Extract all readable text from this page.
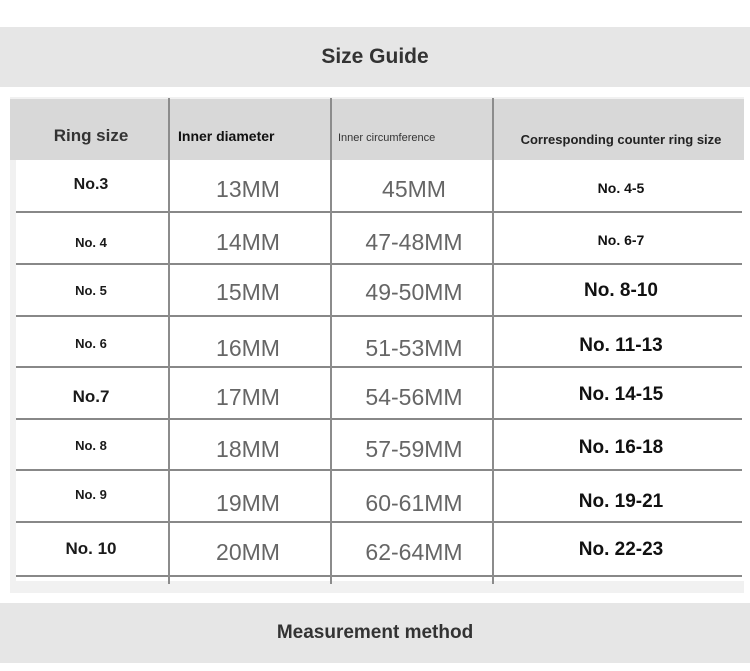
Size Guide
Ring size	Inner diameter	Inner circumference	Corresponding counter ring size
No.3	13MM	45MM	No. 4-5
No. 4	14MM	47-48MM	No. 6-7
No. 5	15MM	49-50MM	No. 8-10
No. 6	16MM	51-53MM	No. 11-13
No.7	17MM	54-56MM	No. 14-15
No. 8	18MM	57-59MM	No. 16-18
No. 9	19MM	60-61MM	No. 19-21
No. 10	20MM	62-64MM	No. 22-23
Measurement method
